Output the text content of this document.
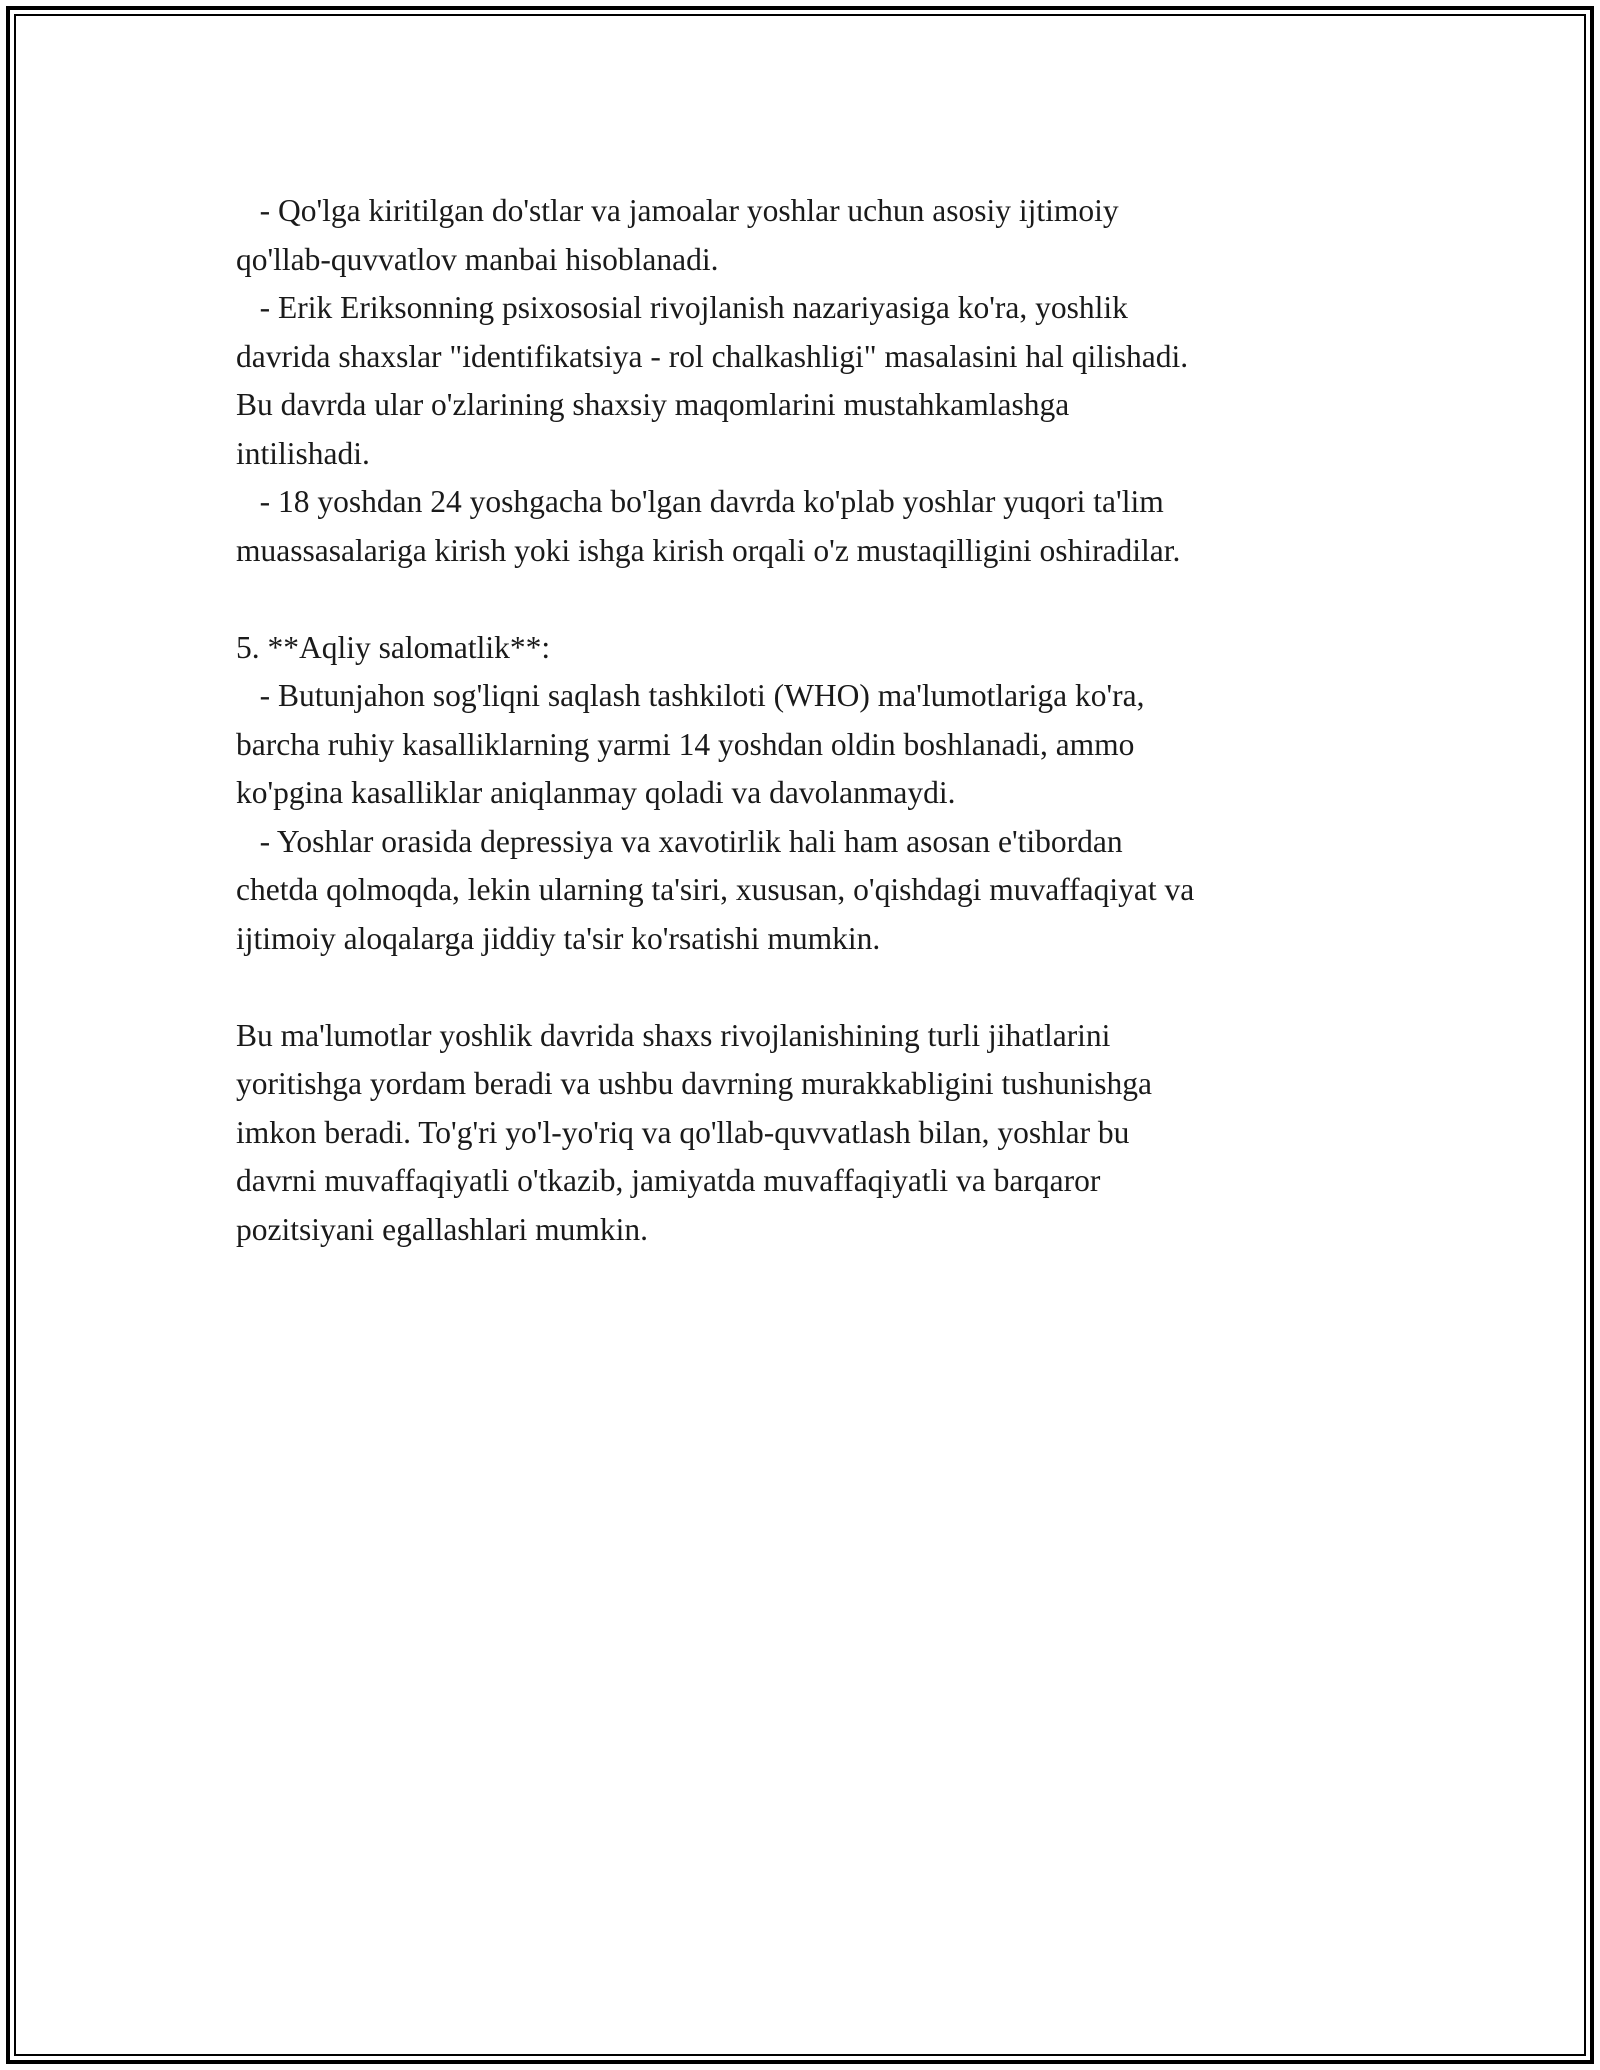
- Qo'lga kiritilgan do'stlar va jamoalar yoshlar uchun asosiy ijtimoiy
qo'llab-quvvatlov manbai hisoblanadi.
- Erik Eriksonning psixososial rivojlanish nazariyasiga ko'ra, yoshlik
davrida shaxslar "identifikatsiya - rol chalkashligi" masalasini hal qilishadi.
Bu davrda ular o'zlarining shaxsiy maqomlarini mustahkamlashga
intilishadi.
- 18 yoshdan 24 yoshgacha bo'lgan davrda ko'plab yoshlar yuqori ta'lim
muassasalariga kirish yoki ishga kirish orqali o'z mustaqilligini oshiradilar.
5. **Aqliy salomatlik**:
- Butunjahon sog'liqni saqlash tashkiloti (WHO) ma'lumotlariga ko'ra,
barcha ruhiy kasalliklarning yarmi 14 yoshdan oldin boshlanadi, ammo
ko'pgina kasalliklar aniqlanmay qoladi va davolanmaydi.
- Yoshlar orasida depressiya va xavotirlik hali ham asosan e'tibordan
chetda qolmoqda, lekin ularning ta'siri, xususan, o'qishdagi muvaffaqiyat va
ijtimoiy aloqalarga jiddiy ta'sir ko'rsatishi mumkin.
Bu ma'lumotlar yoshlik davrida shaxs rivojlanishining turli jihatlarini
yoritishga yordam beradi va ushbu davrning murakkabligini tushunishga
imkon beradi. To'g'ri yo'l-yo'riq va qo'llab-quvvatlash bilan, yoshlar bu
davrni muvaffaqiyatli o'tkazib, jamiyatda muvaffaqiyatli va barqaror
pozitsiyani egallashlari mumkin.
